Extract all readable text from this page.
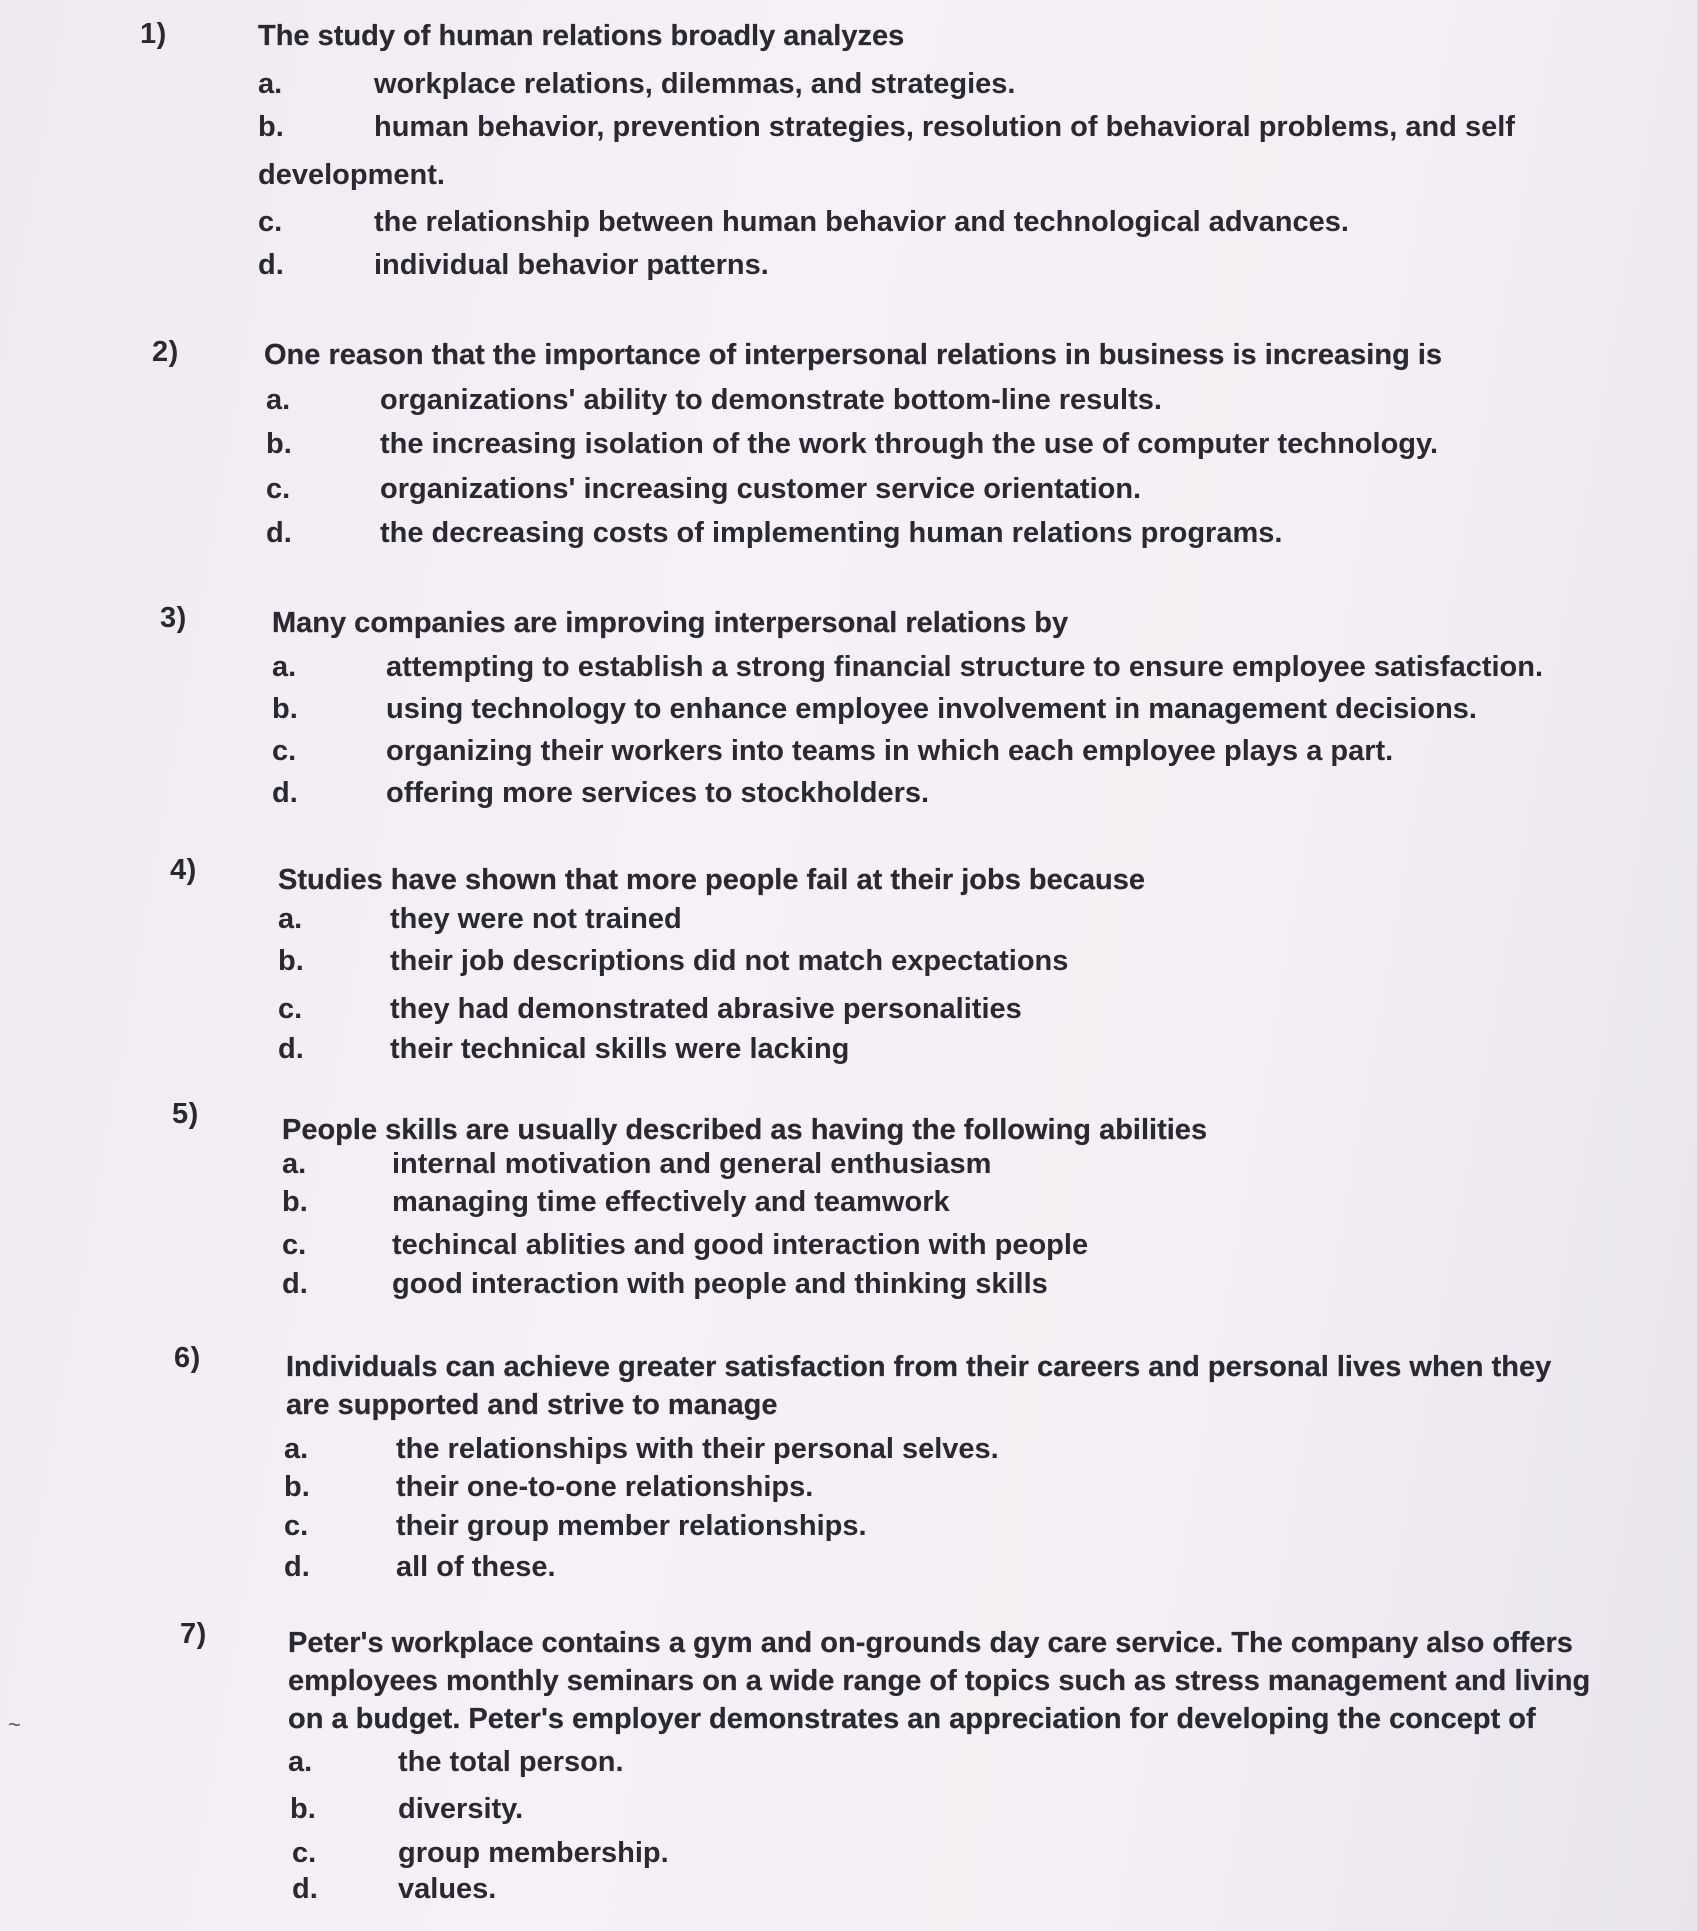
1)	The study of human relations broadly analyzes
a.	workplace relations, dilemmas, and strategies.
b.	human behavior, prevention strategies, resolution of behavioral problems, and self
development.
c.	the relationship between human behavior and technological advances.
d.	individual behavior patterns.
2)	One reason that the importance of interpersonal relations in business is increasing is
a.	organizations' ability to demonstrate bottom-line results.
b.	the increasing isolation of the work through the use of computer technology.
c.	organizations' increasing customer service orientation.
d.	the decreasing costs of implementing human relations programs.
3)	Many companies are improving interpersonal relations by
a.	attempting to establish a strong financial structure to ensure employee satisfaction.
b.	using technology to enhance employee involvement in management decisions.
c.	organizing their workers into teams in which each employee plays a part.
d.	offering more services to stockholders.
4)	Studies have shown that more people fail at their jobs because
a.	they were not trained
b.	their job descriptions did not match expectations
c.	they had demonstrated abrasive personalities
d.	their technical skills were lacking
5)	People skills are usually described as having the following abilities
a.	internal motivation and general enthusiasm
b.	managing time effectively and teamwork
c.	techincal ablities and good interaction with people
d.	good interaction with people and thinking skills
6)	Individuals can achieve greater satisfaction from their careers and personal lives when they are supported and strive to manage
a.	the relationships with their personal selves.
b.	their one-to-one relationships.
c.	their group member relationships.
d.	all of these.
7)	Peter's workplace contains a gym and on-grounds day care service. The company also offers employees monthly seminars on a wide range of topics such as stress management and living on a budget. Peter's employer demonstrates an appreciation for developing the concept of
a.	the total person.
b.	diversity.
c.	group membership.
d.	values.
~
